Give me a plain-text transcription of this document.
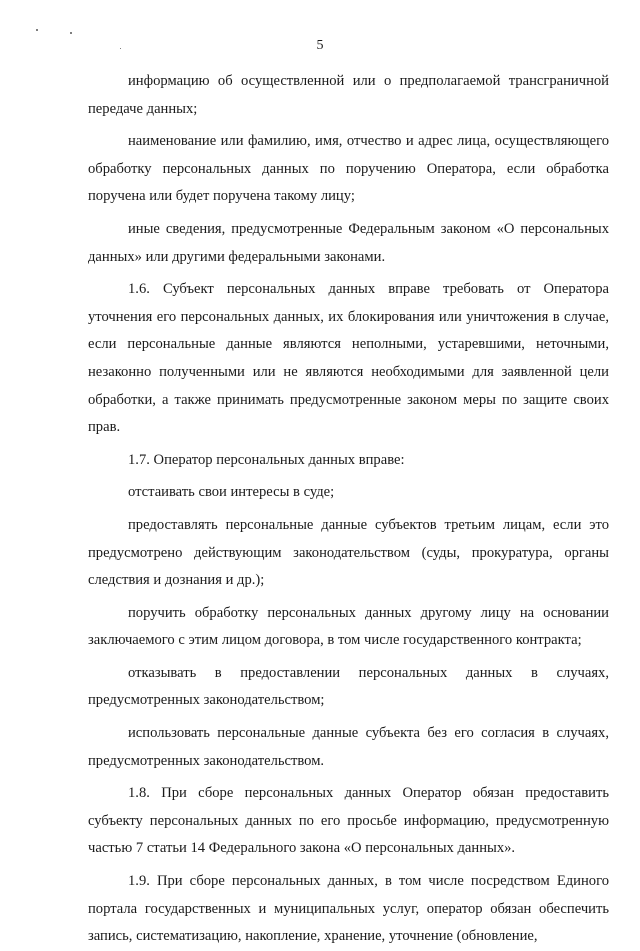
5

информацию об осуществленной или о предполагаемой трансграничной передаче данных;

наименование или фамилию, имя, отчество и адрес лица, осуществляющего обработку персональных данных по поручению Оператора, если обработка поручена или будет поручена такому лицу;

иные сведения, предусмотренные Федеральным законом «О персональных данных» или другими федеральными законами.

1.6. Субъект персональных данных вправе требовать от Оператора уточнения его персональных данных, их блокирования или уничтожения в случае, если персональные данные являются неполными, устаревшими, неточными, незаконно полученными или не являются необходимыми для заявленной цели обработки, а также принимать предусмотренные законом меры по защите своих прав.

1.7. Оператор персональных данных вправе:

отстаивать свои интересы в суде;

предоставлять персональные данные субъектов третьим лицам, если это предусмотрено действующим законодательством (суды, прокуратура, органы следствия и дознания и др.);

поручить обработку персональных данных другому лицу на основании заключаемого с этим лицом договора, в том числе государственного контракта;

отказывать в предоставлении персональных данных в случаях, предусмотренных законодательством;

использовать персональные данные субъекта без его согласия в случаях, предусмотренных законодательством.

1.8. При сборе персональных данных Оператор обязан предоставить субъекту персональных данных по его просьбе информацию, предусмотренную частью 7 статьи 14 Федерального закона «О персональных данных».

1.9. При сборе персональных данных, в том числе посредством Единого портала государственных и муниципальных услуг, оператор обязан обеспечить запись, систематизацию, накопление, хранение, уточнение (обновление,
